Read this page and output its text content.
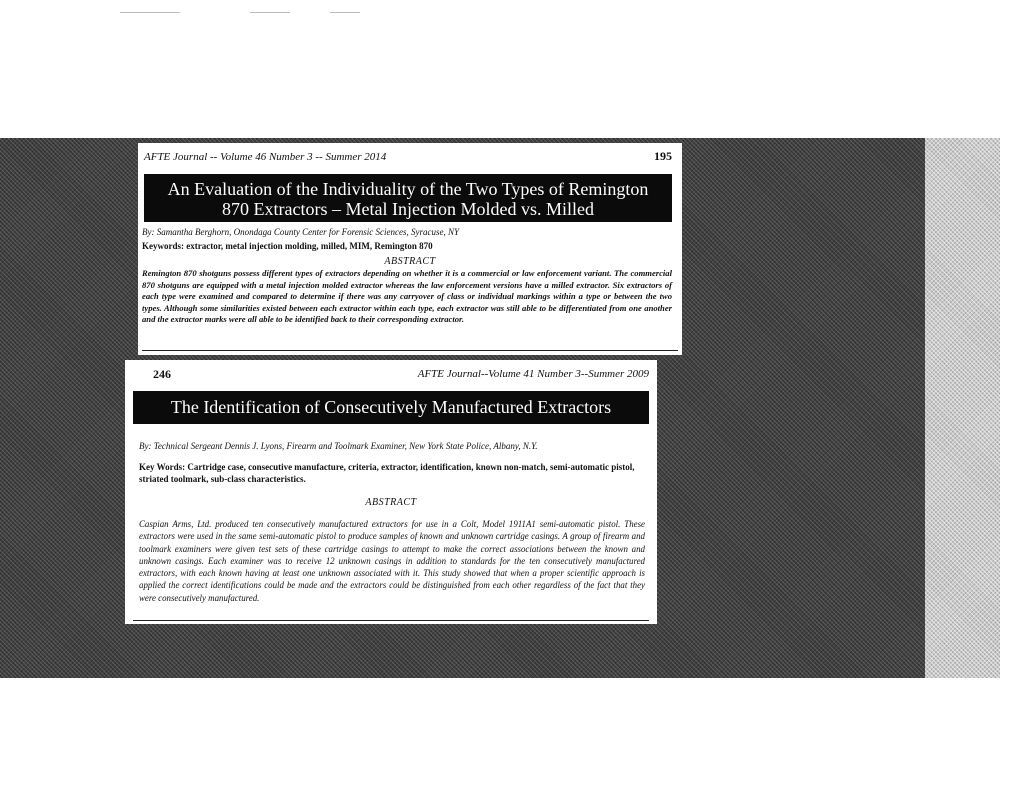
AFTE Journal -- Volume 46 Number 3 -- Summer 2014	195
An Evaluation of the Individuality of the Two Types of Remington
870 Extractors – Metal Injection Molded vs. Milled
By: Samantha Berghorn, Onondaga County Center for Forensic Sciences, Syracuse, NY
Keywords: extractor, metal injection molding, milled, MIM, Remington 870
ABSTRACT
Remington 870 shotguns possess different types of extractors depending on whether it is a commercial or law enforcement variant. The commercial 870 shotguns are equipped with a metal injection molded extractor whereas the law enforcement versions have a milled extractor. Six extractors of each type were examined and compared to determine if there was any carryover of class or individual markings within a type or between the two types. Although some similarities existed between each extractor within each type, each extractor was still able to be differentiated from one another and the extractor marks were all able to be identified back to their corresponding extractor.
246	AFTE Journal--Volume 41 Number 3--Summer 2009
The Identification of Consecutively Manufactured Extractors
By: Technical Sergeant Dennis J. Lyons, Firearm and Toolmark Examiner, New York State Police, Albany, N.Y.
Key Words: Cartridge case, consecutive manufacture, criteria, extractor, identification, known non-match, semi-automatic pistol, striated toolmark, sub-class characteristics.
ABSTRACT
Caspian Arms, Ltd. produced ten consecutively manufactured extractors for use in a Colt, Model 1911A1 semi-automatic pistol. These extractors were used in the same semi-automatic pistol to produce samples of known and unknown cartridge casings. A group of firearm and toolmark examiners were given test sets of these cartridge casings to attempt to make the correct associations between the known and unknown casings. Each examiner was to receive 12 unknown casings in addition to standards for the ten consecutively manufactured extractors, with each known having at least one unknown associated with it. This study showed that when a proper scientific approach is applied the correct identifications could be made and the extractors could be distinguished from each other regardless of the fact that they were consecutively manufactured.
